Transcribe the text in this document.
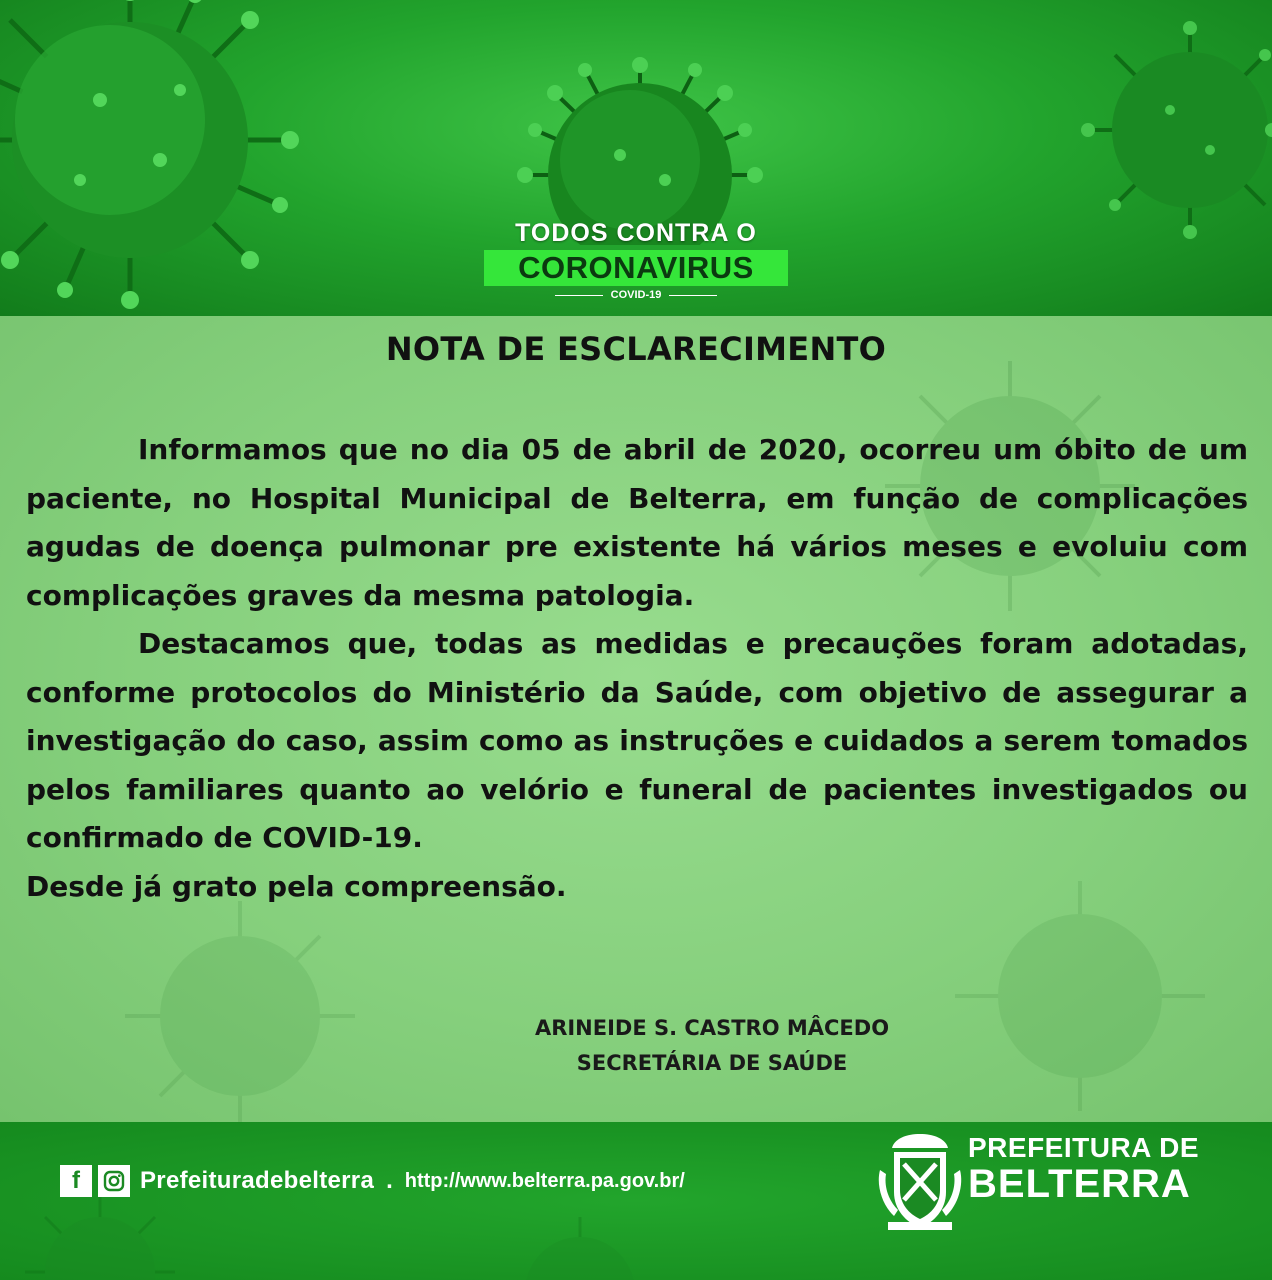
TODOS CONTRA O

CORONAVIRUS
COVID-19
NOTA DE ESCLARECIMENTO

Informamos que no dia 05 de abril de 2020, ocorreu um óbito de um paciente, no Hospital Municipal de Belterra, em função de complicações agudas de doença pulmonar pre existente há vários meses e evoluiu com complicações graves da mesma patologia.

Destacamos que, todas as medidas e precauções foram adotadas, conforme protocolos do Ministério da Saúde, com objetivo de assegurar a investigação do caso, assim como as instruções e cuidados a serem tomados pelos familiares quanto ao velório e funeral de pacientes investigados ou confirmado de COVID-19.

Desde já grato pela compreensão.

ARINEIDE S. CASTRO MÂCEDO
SECRETÁRIA DE SAÚDE
f	Prefeituradebelterra . http://www.belterra.pa.gov.br/
PREFEITURA DE
BELTERRA
